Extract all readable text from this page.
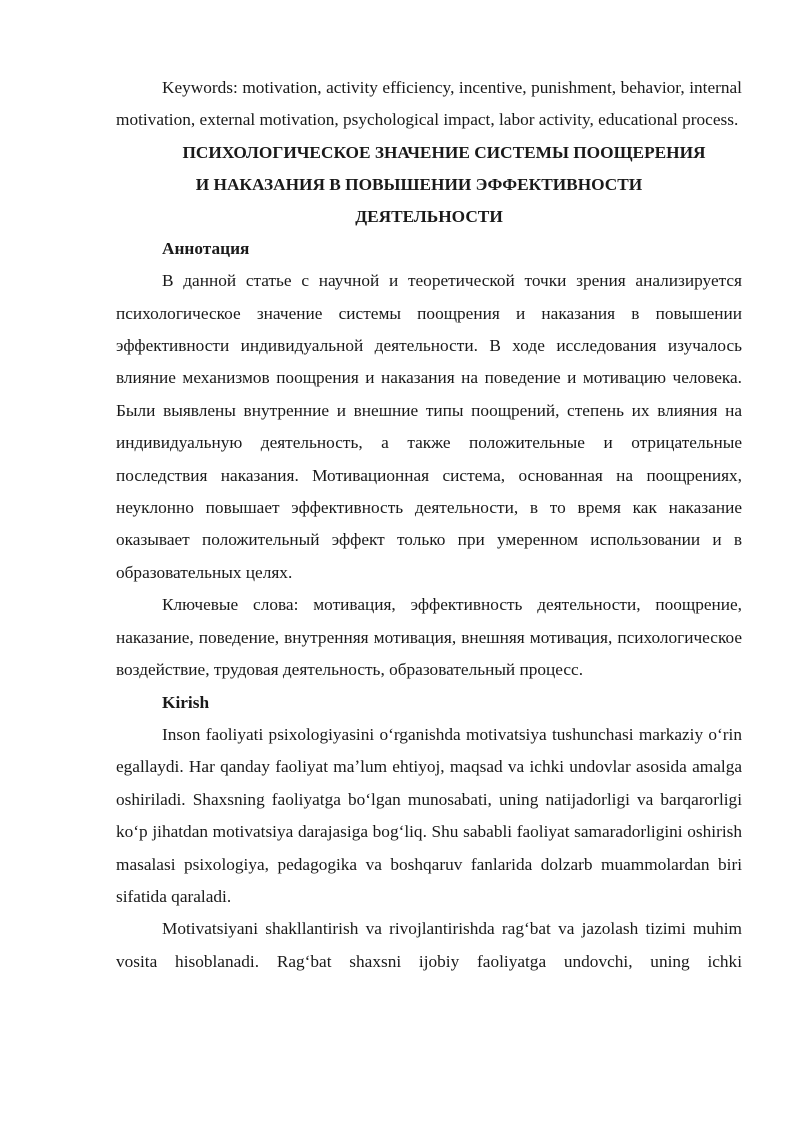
Keywords: motivation, activity efficiency, incentive, punishment, behavior, internal motivation, external motivation, psychological impact, labor activity, educational process.

ПСИХОЛОГИЧЕСКОЕ ЗНАЧЕНИЕ СИСТЕМЫ ПООЩЕРЕНИЯ

И НАКАЗАНИЯ В ПОВЫШЕНИИ ЭФФЕКТИВНОСТИ

ДЕЯТЕЛЬНОСТИ

Аннотация

В данной статье с научной и теоретической точки зрения анализируется психологическое значение системы поощрения и наказания в повышении эффективности индивидуальной деятельности. В ходе исследования изучалось влияние механизмов поощрения и наказания на поведение и мотивацию человека. Были выявлены внутренние и внешние типы поощрений, степень их влияния на индивидуальную деятельность, а также положительные и отрицательные последствия наказания. Мотивационная система, основанная на поощрениях, неуклонно повышает эффективность деятельности, в то время как наказание оказывает положительный эффект только при умеренном использовании и в образовательных целях.

Ключевые слова: мотивация, эффективность деятельности, поощрение, наказание, поведение, внутренняя мотивация, внешняя мотивация, психологическое воздействие, трудовая деятельность, образовательный процесс.

Kirish

Inson faoliyati psixologiyasini oʻrganishda motivatsiya tushunchasi markaziy oʻrin egallaydi. Har qanday faoliyat maʼlum ehtiyoj, maqsad va ichki undovlar asosida amalga oshiriladi. Shaxsning faoliyatga boʻlgan munosabati, uning natijadorligi va barqarorligi koʻp jihatdan motivatsiya darajasiga bogʻliq. Shu sababli faoliyat samaradorligini oshirish masalasi psixologiya, pedagogika va boshqaruv fanlarida dolzarb muammolardan biri sifatida qaraladi.

Motivatsiyani shakllantirish va rivojlantirishda ragʻbat va jazolash tizimi muhim vosita hisoblanadi. Ragʻbat shaxsni ijobiy faoliyatga undovchi, uning ichki
